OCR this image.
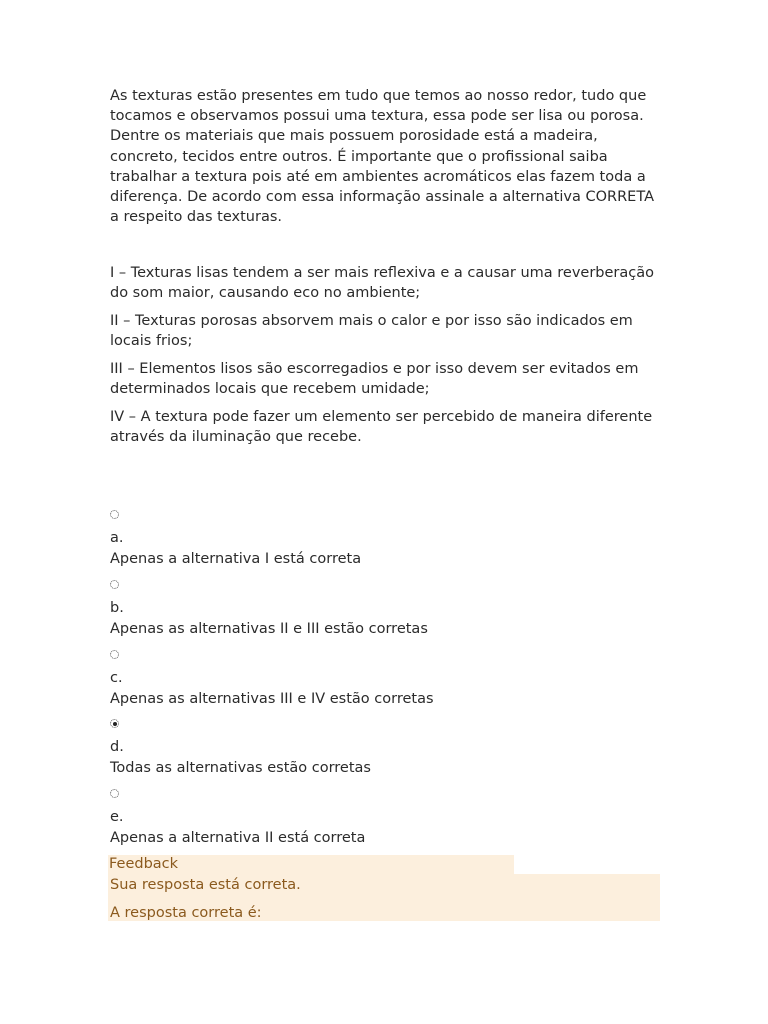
As texturas estão presentes em tudo que temos ao nosso redor, tudo que tocamos e observamos possui uma textura, essa pode ser lisa ou porosa. Dentre os materiais que mais possuem porosidade está a madeira, concreto, tecidos entre outros. É importante que o profissional saiba trabalhar a textura pois até em ambientes acromáticos elas fazem toda a diferença. De acordo com essa informação assinale a alternativa CORRETA a respeito das texturas.

I – Texturas lisas tendem a ser mais reflexiva e a causar uma reverberação do som maior, causando eco no ambiente;

II – Texturas porosas absorvem mais o calor e por isso são indicados em locais frios;

III – Elementos lisos são escorregadios e por isso devem ser evitados em determinados locais que recebem umidade;

IV – A textura pode fazer um elemento ser percebido de maneira diferente através da iluminação que recebe.

a.
Apenas a alternativa I está correta
b.
Apenas as alternativas II e III estão corretas
c.
Apenas as alternativas III e IV estão corretas
d.
Todas as alternativas estão corretas
e.
Apenas a alternativa II está correta
Feedback
Sua resposta está correta.
A resposta correta é:
